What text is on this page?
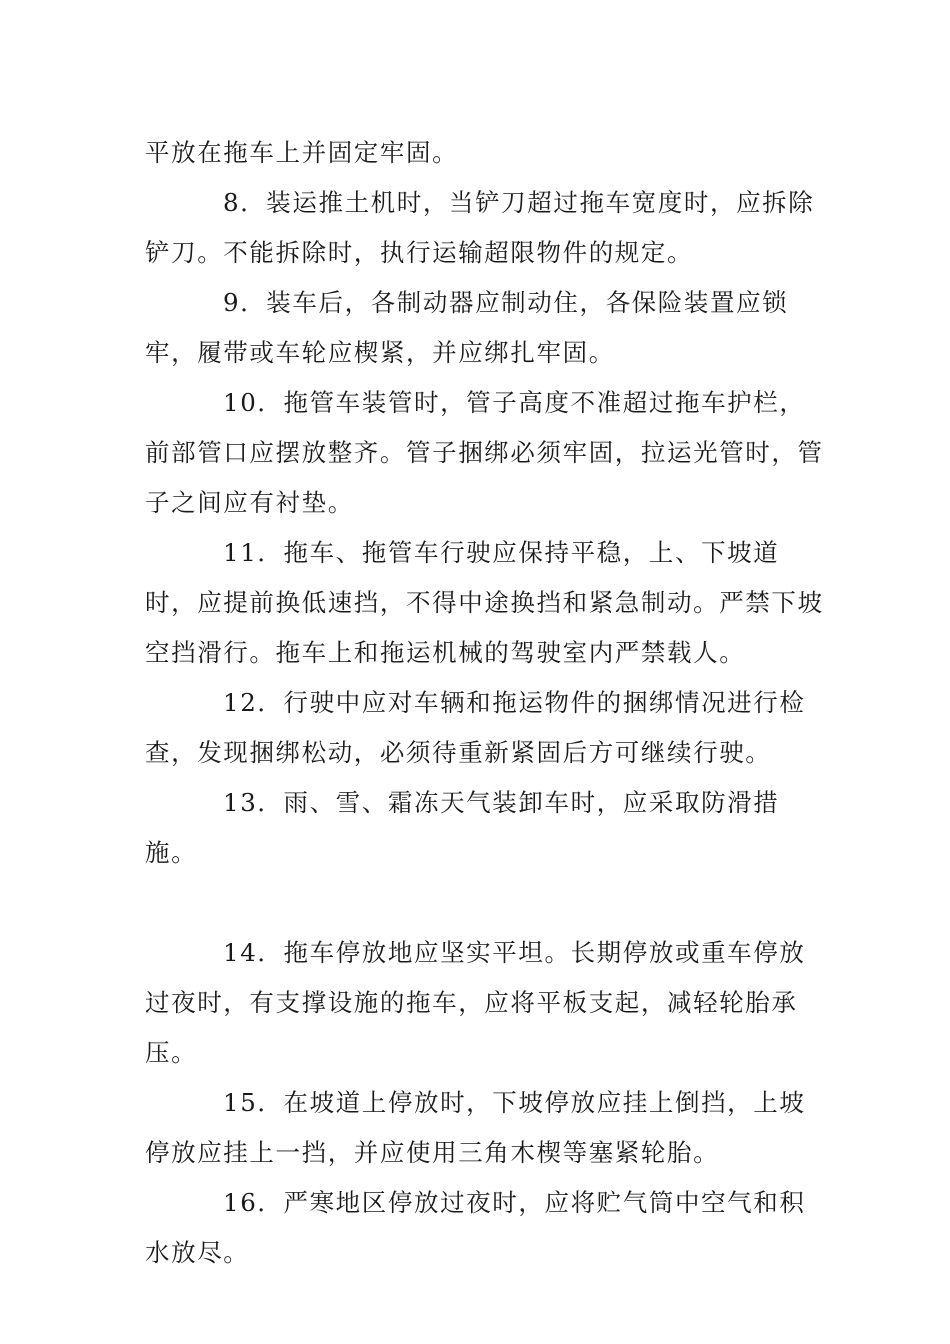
平放在拖车上并固定牢固。

8．装运推土机时，当铲刀超过拖车宽度时，应拆除铲刀。不能拆除时，执行运输超限物件的规定。

9．装车后，各制动器应制动住，各保险装置应锁牢，履带或车轮应楔紧，并应绑扎牢固。

10．拖管车装管时，管子高度不准超过拖车护栏，前部管口应摆放整齐。管子捆绑必须牢固，拉运光管时，管子之间应有衬垫。

11．拖车、拖管车行驶应保持平稳，上、下坡道时，应提前换低速挡，不得中途换挡和紧急制动。严禁下坡空挡滑行。拖车上和拖运机械的驾驶室内严禁载人。

12．行驶中应对车辆和拖运物件的捆绑情况进行检查，发现捆绑松动，必须待重新紧固后方可继续行驶。

13．雨、雪、霜冻天气装卸车时，应采取防滑措施。

14．拖车停放地应坚实平坦。长期停放或重车停放过夜时，有支撑设施的拖车，应将平板支起，减轻轮胎承压。

15．在坡道上停放时，下坡停放应挂上倒挡，上坡停放应挂上一挡，并应使用三角木楔等塞紧轮胎。

16．严寒地区停放过夜时，应将贮气筒中空气和积水放尽。
